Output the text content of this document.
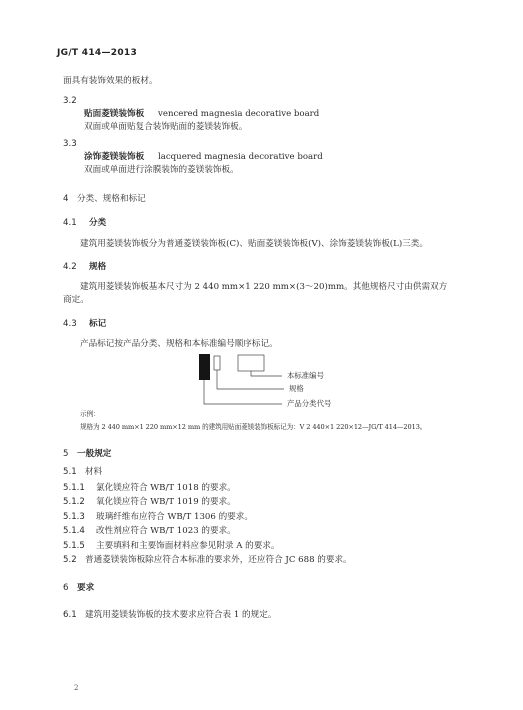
JG/T 414—2013
面具有装饰效果的板材。
3.2
贴面菱镁装饰板 vencered magnesia decorative board
双面或单面贴复合装饰贴面的菱镁装饰板。
3.3
涂饰菱镁装饰板 lacquered magnesia decorative board
双面或单面进行涂膜装饰的菱镁装饰板。
4 分类、规格和标记
4.1 分类
建筑用菱镁装饰板分为普通菱镁装饰板(C)、贴面菱镁装饰板(V)、涂饰菱镁装饰板(L)三类。
4.2 规格
建筑用菱镁装饰板基本尺寸为 2 440 mm×1 220 mm×(3～20)mm。其他规格尺寸由供需双方
商定。
4.3 标记
产品标记按产品分类、规格和本标准编号顺序标记。
本标准编号
规格
产品分类代号
示例：
规格为 2 440 mm×1 220 mm×12 mm 的建筑用贴面菱镁装饰板标记为：V 2 440×1 220×12—JG/T 414—2013。
5 一般规定
5.1 材料
5.1.1 氯化镁应符合 WB/T 1018 的要求。
5.1.2 氧化镁应符合 WB/T 1019 的要求。
5.1.3 玻璃纤维布应符合 WB/T 1306 的要求。
5.1.4 改性剂应符合 WB/T 1023 的要求。
5.1.5 主要填料和主要饰面材料应参见附录 A 的要求。
5.2 普通菱镁装饰板除应符合本标准的要求外，还应符合 JC 688 的要求。
6 要求
6.1 建筑用菱镁装饰板的技术要求应符合表 1 的规定。
2
